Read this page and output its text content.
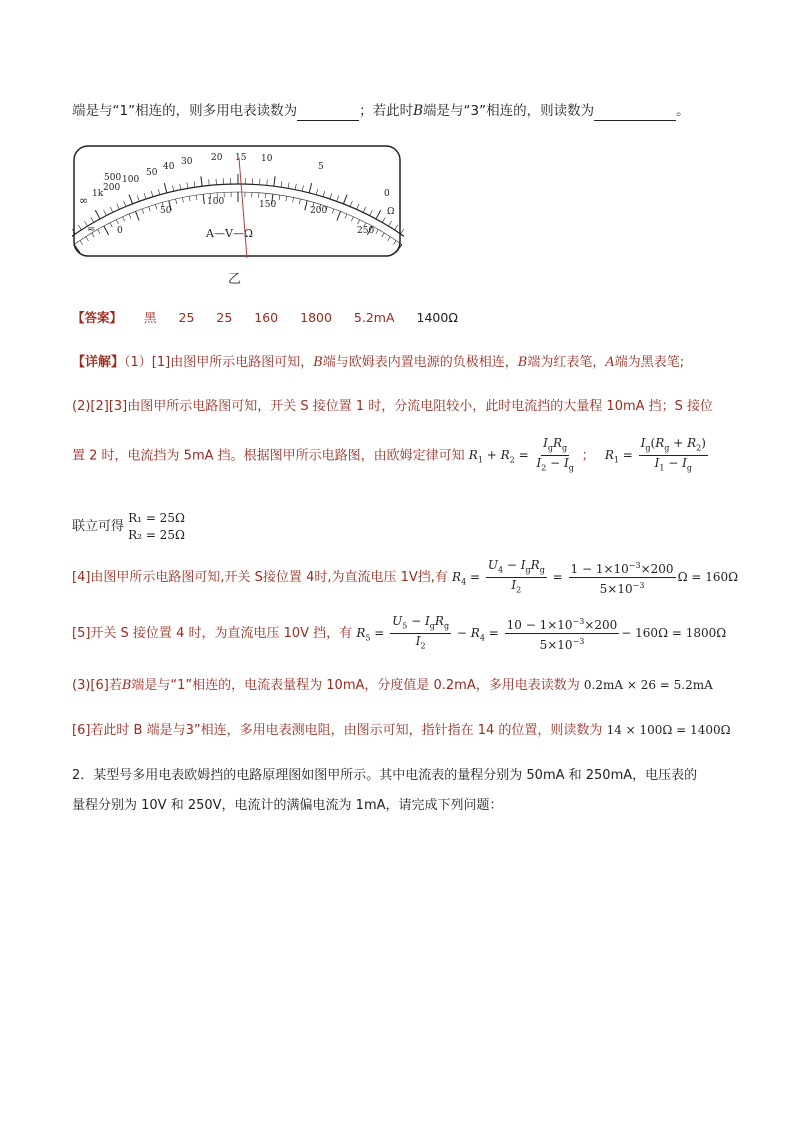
端是与“1”相连的，则多用电表读数为	；若此时B端是与“3”相连的，则读数为	。
∞ 1k
500
200
100
50
40 30 20 15 10
5
0
Ω
≂ 0
50
100	150
200
250
A—V—Ω
乙
【答案】 黑 25 25 160 1800 5.2mA 1400Ω
【详解】（1）[1]由图甲所示电路图可知，B端与欧姆表内置电源的负极相连，B端为红表笔，A端为黑表笔;
(2)[2][3]由图甲所示电路图可知，开关 S 接位置 1 时，分流电阻较小，此时电流挡的大量程 10mA 挡；S 接位
置 2 时，电流挡为 5mA 挡。根据图甲所示电路图，由欧姆定律可知 $R_1 + R_2 = \frac{I_gR_g}{I_2 - I_g}$ ； $R_1 = \frac{I_g(R_g + R_2)}{I_1 - I_g}$
联立可得
R₁ = 25Ω
R₂ = 25Ω
[4]由图甲所示电路图可知,开关 S接位置 4时,为直流电压 1V挡,有 $R_4 = \frac{U_4 - I_gR_g}{I_2} = \frac{1 - 1\times 10^{-3}\times 200}{5\times 10^{-3}}$ Ω = 160Ω
[5]开关 S 接位置 4 时，为直流电压 10V 挡，有 $R_5 = \frac{U_5 - I_gR_g}{I_2} - R_4 = \frac{10 - 1\times 10^{-3}\times 200}{5\times 10^{-3}} - 160\Omega = 1800\Omega$
(3)[6]若B端是与“1”相连的，电流表量程为 10mA，分度值是 0.2mA，多用电表读数为 0.2mA × 26 = 5.2mA
[6]若此时 B 端是与3”相连，多用电表测电阻，由图示可知，指针指在 14 的位置，则读数为 14 × 100Ω = 1400Ω
2．某型号多用电表欧姆挡的电路原理图如图甲所示。其中电流表的量程分别为 50mA 和 250mA，电压表的
量程分别为 10V 和 250V，电流计的满偏电流为 1mA，请完成下列问题：
